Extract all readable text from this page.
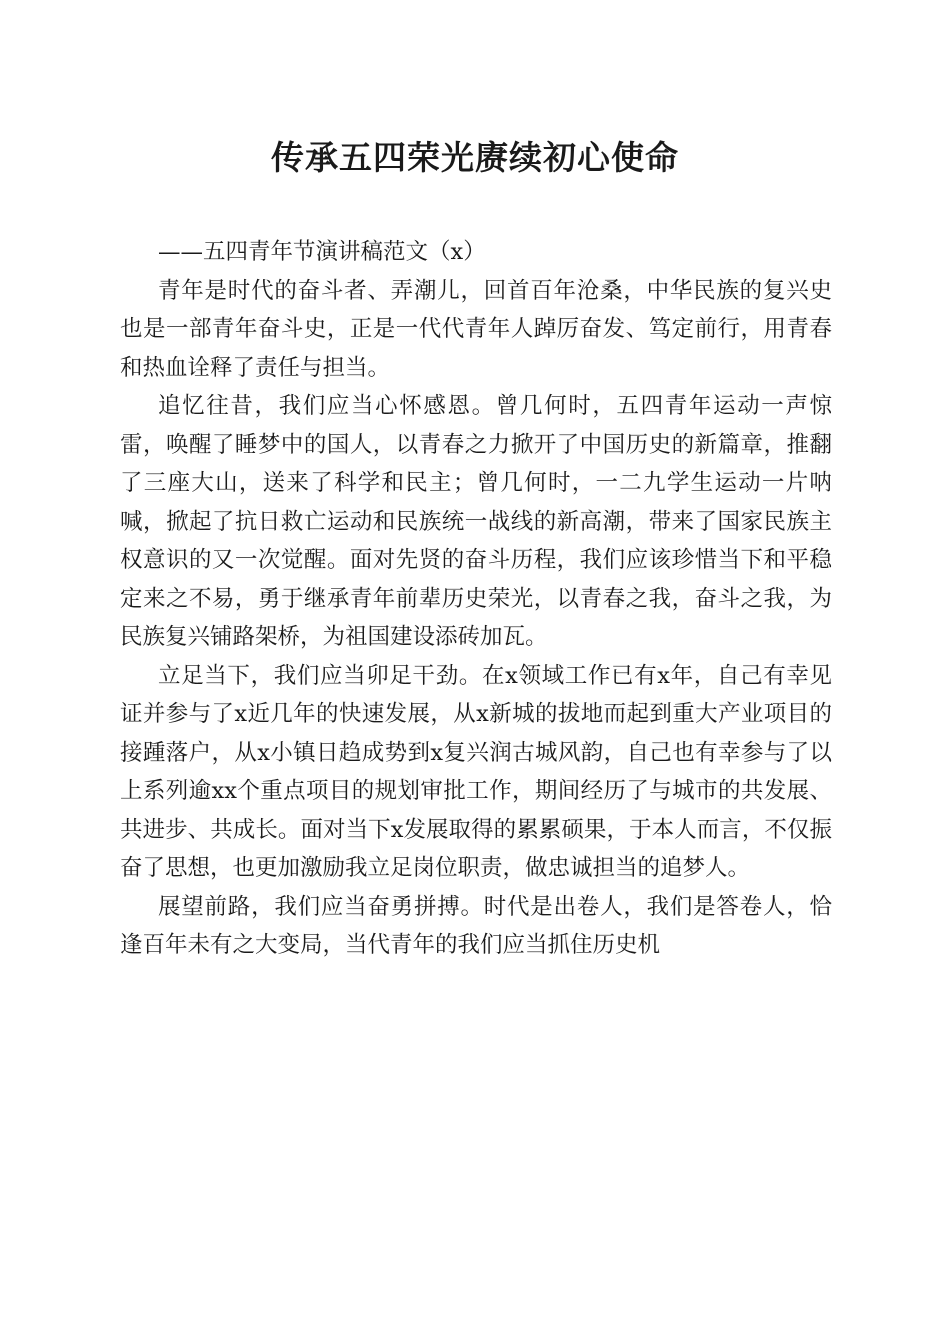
传承五四荣光赓续初心使命

——五四青年节演讲稿范文（x）

青年是时代的奋斗者、弄潮儿，回首百年沧桑，中华民族的复兴史也是一部青年奋斗史，正是一代代青年人踔厉奋发、笃定前行，用青春和热血诠释了责任与担当。

追忆往昔，我们应当心怀感恩。曾几何时，五四青年运动一声惊雷，唤醒了睡梦中的国人，以青春之力掀开了中国历史的新篇章，推翻了三座大山，送来了科学和民主；曾几何时，一二九学生运动一片呐喊，掀起了抗日救亡运动和民族统一战线的新高潮，带来了国家民族主权意识的又一次觉醒。面对先贤的奋斗历程，我们应该珍惜当下和平稳定来之不易，勇于继承青年前辈历史荣光，以青春之我，奋斗之我，为民族复兴铺路架桥，为祖国建设添砖加瓦。

立足当下，我们应当卯足干劲。在x领域工作已有x年，自己有幸见证并参与了x近几年的快速发展，从x新城的拔地而起到重大产业项目的接踵落户，从x小镇日趋成势到x复兴润古城风韵，自己也有幸参与了以上系列逾xx个重点项目的规划审批工作，期间经历了与城市的共发展、共进步、共成长。面对当下x发展取得的累累硕果，于本人而言，不仅振奋了思想，也更加激励我立足岗位职责，做忠诚担当的追梦人。

展望前路，我们应当奋勇拼搏。时代是出卷人，我们是答卷人，恰逢百年未有之大变局，当代青年的我们应当抓住历史机
